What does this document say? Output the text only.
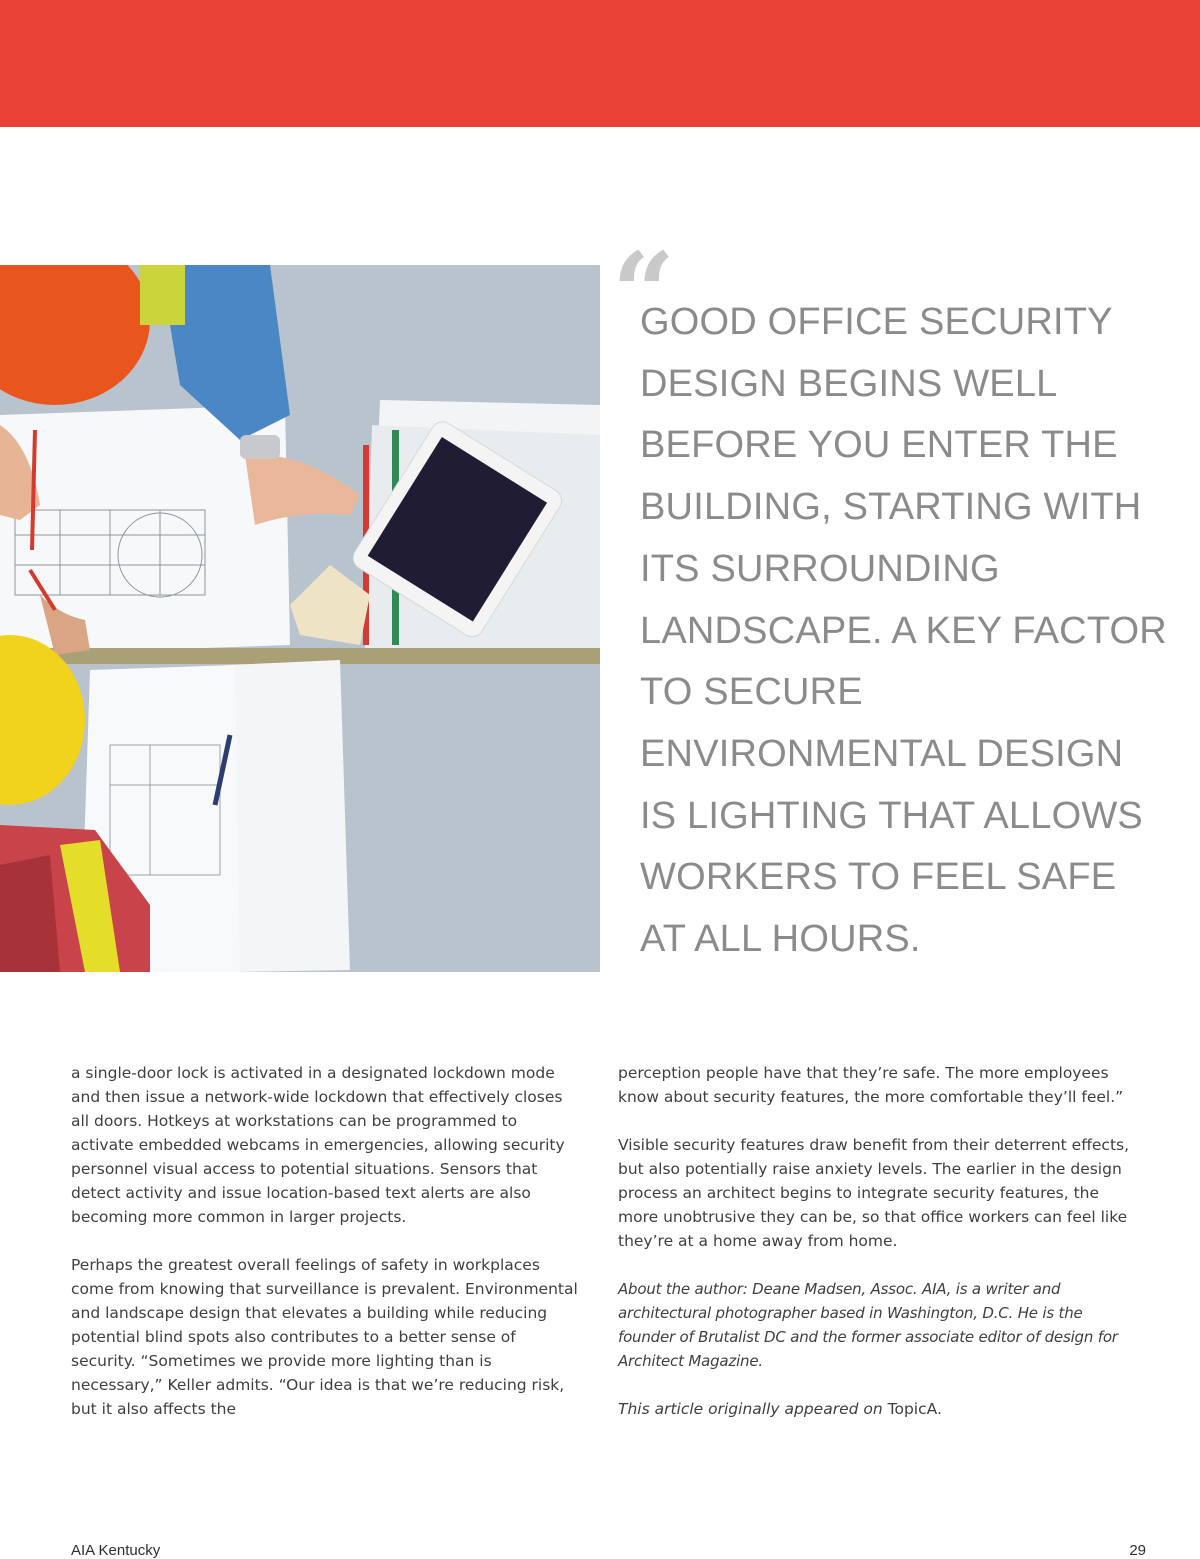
“
GOOD OFFICE SECURITY DESIGN BEGINS WELL BEFORE YOU ENTER THE BUILDING, STARTING WITH ITS SURROUNDING LANDSCAPE. A KEY FACTOR TO SECURE ENVIRONMENTAL DESIGN IS LIGHTING THAT ALLOWS WORKERS TO FEEL SAFE AT ALL HOURS.

a single-door lock is activated in a designated lockdown mode and then issue a network-wide lockdown that effectively closes all doors. Hotkeys at workstations can be programmed to activate embedded webcams in emergencies, allowing security personnel visual access to potential situations. Sensors that detect activity and issue location-based text alerts are also becoming more common in larger projects.

Perhaps the greatest overall feelings of safety in workplaces come from knowing that surveillance is prevalent. Environmental and landscape design that elevates a building while reducing potential blind spots also contributes to a better sense of security. “Sometimes we provide more lighting than is necessary,” Keller admits. “Our idea is that we’re reducing risk, but it also affects the

perception people have that they’re safe. The more employees know about security features, the more comfortable they’ll feel.”

Visible security features draw benefit from their deterrent effects, but also potentially raise anxiety levels. The earlier in the design process an architect begins to integrate security features, the more unobtrusive they can be, so that office workers can feel like they’re at a home away from home.

About the author: Deane Madsen, Assoc. AIA, is a writer and architectural photographer based in Washington, D.C. He is the founder of Brutalist DC and the former associate editor of design for Architect Magazine.

This article originally appeared on TopicA.

AIA Kentucky	29
